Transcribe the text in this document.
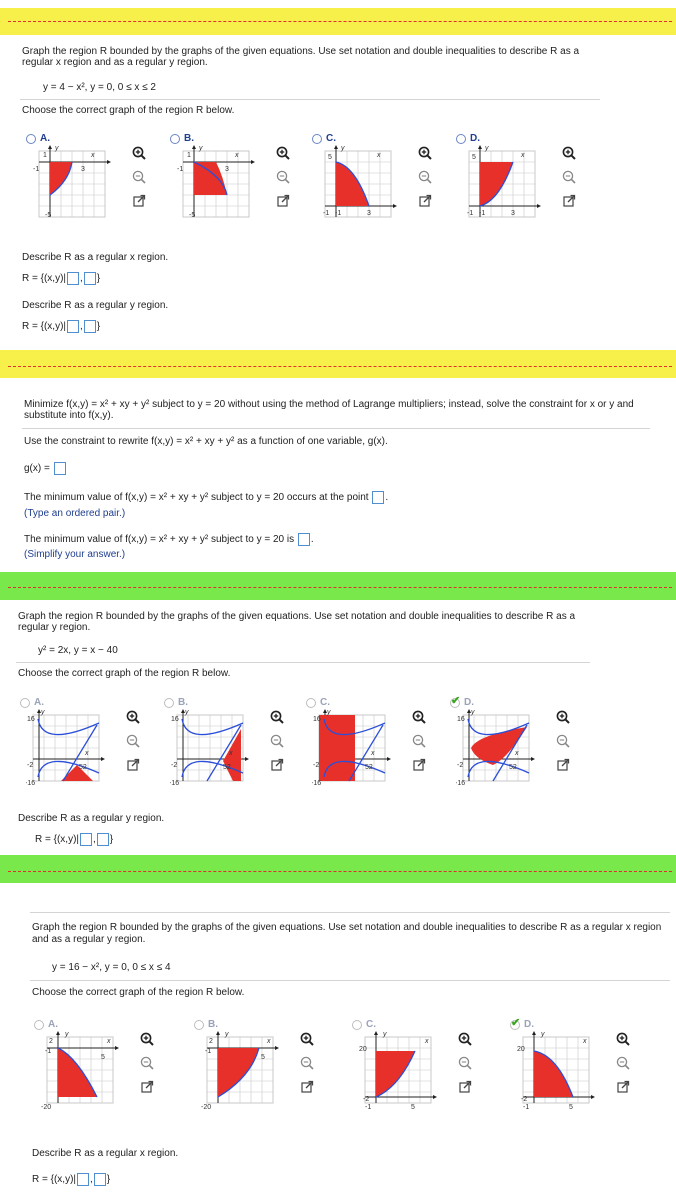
Graph the region R bounded by the graphs of the given equations. Use set notation and double inequalities to describe R as a regular x region and as a regular y region.
y = 4 − x², y = 0, 0 ≤ x ≤ 2
Choose the correct graph of the region R below.
A.
1
-1	3
-5
x
y
B.
1
-1	3
-5
x
y
C.
5
-1 -1	3
x
y
D.
5
-1 -1	3
x
y
Describe R as a regular x region.
R = {(x,y)| , }
Describe R as a regular y region.
R = {(x,y)| , }
Minimize f(x,y) = x² + xy + y² subject to y = 20 without using the method of Lagrange multipliers; instead, solve the constraint for x or y and substitute into f(x,y).
Use the constraint to rewrite f(x,y) = x² + xy + y² as a function of one variable, g(x).
g(x) =
The minimum value of f(x,y) = x² + xy + y² subject to y = 20 occurs at the point .
(Type an ordered pair.)
The minimum value of f(x,y) = x² + xy + y² subject to y = 20 is .
(Simplify your answer.)
Graph the region R bounded by the graphs of the given equations. Use set notation and double inequalities to describe R as a regular y region.
y² = 2x, y = x − 40
Choose the correct graph of the region R below.
A.
16
-2	52
-16
x
y
B.
16
-2	52
-16
x
y
C.
16
-2	52
-16
x
y
✔ D.
16
-2	52
-16
x
y
Describe R as a regular y region.
R = {(x,y)| , }
Graph the region R bounded by the graphs of the given equations. Use set notation and double inequalities to describe R as a regular x region and as a regular y region.
y = 16 − x², y = 0, 0 ≤ x ≤ 4
Choose the correct graph of the region R below.
A.
2
-1
5
-20
x
y
B.
2
-1
5
-20
x
y
C.
20
-2
-1	5
x
y
✔ D.
20
-2
-1	5
x
y
Describe R as a regular x region.
R = {(x,y)| , }
